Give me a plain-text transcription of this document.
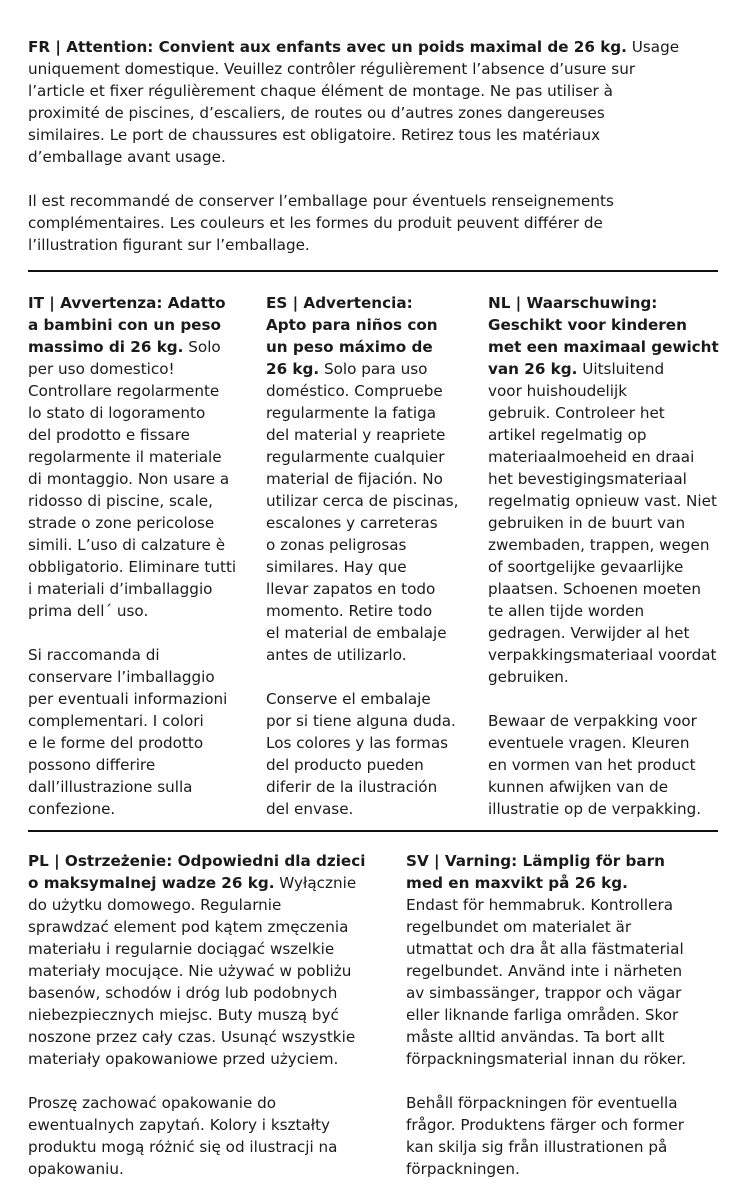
FR | Attention: Convient aux enfants avec un poids maximal de 26 kg. Usage
uniquement domestique. Veuillez contrôler régulièrement l’absence d’usure sur
l’article et fixer régulièrement chaque élément de montage. Ne pas utiliser à
proximité de piscines, d’escaliers, de routes ou d’autres zones dangereuses
similaires. Le port de chaussures est obligatoire. Retirez tous les matériaux
d’emballage avant usage.

Il est recommandé de conserver l’emballage pour éventuels renseignements
complémentaires. Les couleurs et les formes du produit peuvent différer de
l’illustration figurant sur l’emballage.

IT | Avvertenza: Adatto
a bambini con un peso
massimo di 26 kg. Solo
per uso domestico!
Controllare regolarmente
lo stato di logoramento
del prodotto e fissare
regolarmente il materiale
di montaggio. Non usare a
ridosso di piscine, scale,
strade o zone pericolose
simili. L’uso di calzature è
obbligatorio. Eliminare tutti
i materiali d’imballaggio
prima dell´ uso.

Si raccomanda di
conservare l’imballaggio
per eventuali informazioni
complementari. I colori
e le forme del prodotto
possono differire
dall’illustrazione sulla
confezione.

ES | Advertencia:
Apto para niños con
un peso máximo de
26 kg. Solo para uso
doméstico. Compruebe
regularmente la fatiga
del material y reapriete
regularmente cualquier
material de fijación. No
utilizar cerca de piscinas,
escalones y carreteras
o zonas peligrosas
similares. Hay que
llevar zapatos en todo
momento. Retire todo
el material de embalaje
antes de utilizarlo.

Conserve el embalaje
por si tiene alguna duda.
Los colores y las formas
del producto pueden
diferir de la ilustración
del envase.

NL | Waarschuwing:
Geschikt voor kinderen
met een maximaal gewicht
van 26 kg. Uitsluitend
voor huishoudelijk
gebruik. Controleer het
artikel regelmatig op
materiaalmoeheid en draai
het bevestigingsmateriaal
regelmatig opnieuw vast. Niet
gebruiken in de buurt van
zwembaden, trappen, wegen
of soortgelijke gevaarlijke
plaatsen. Schoenen moeten
te allen tijde worden
gedragen. Verwijder al het
verpakkingsmateriaal voordat
gebruiken.

Bewaar de verpakking voor
eventuele vragen. Kleuren
en vormen van het product
kunnen afwijken van de
illustratie op de verpakking.

PL | Ostrzeżenie: Odpowiedni dla dzieci
o maksymalnej wadze 26 kg. Wyłącznie
do użytku domowego. Regularnie
sprawdzać element pod kątem zmęczenia
materiału i regularnie dociągać wszelkie
materiały mocujące. Nie używać w pobliżu
basenów, schodów i dróg lub podobnych
niebezpiecznych miejsc. Buty muszą być
noszone przez cały czas. Usunąć wszystkie
materiały opakowaniowe przed użyciem.

Proszę zachować opakowanie do
ewentualnych zapytań. Kolory i kształty
produktu mogą różnić się od ilustracji na
opakowaniu.

SV | Varning: Lämplig för barn
med en maxvikt på 26 kg.
Endast för hemmabruk. Kontrollera
regelbundet om materialet är
utmattat och dra åt alla fästmaterial
regelbundet. Använd inte i närheten
av simbassänger, trappor och vägar
eller liknande farliga områden. Skor
måste alltid användas. Ta bort allt
förpackningsmaterial innan du röker.

Behåll förpackningen för eventuella
frågor. Produktens färger och former
kan skilja sig från illustrationen på
förpackningen.
